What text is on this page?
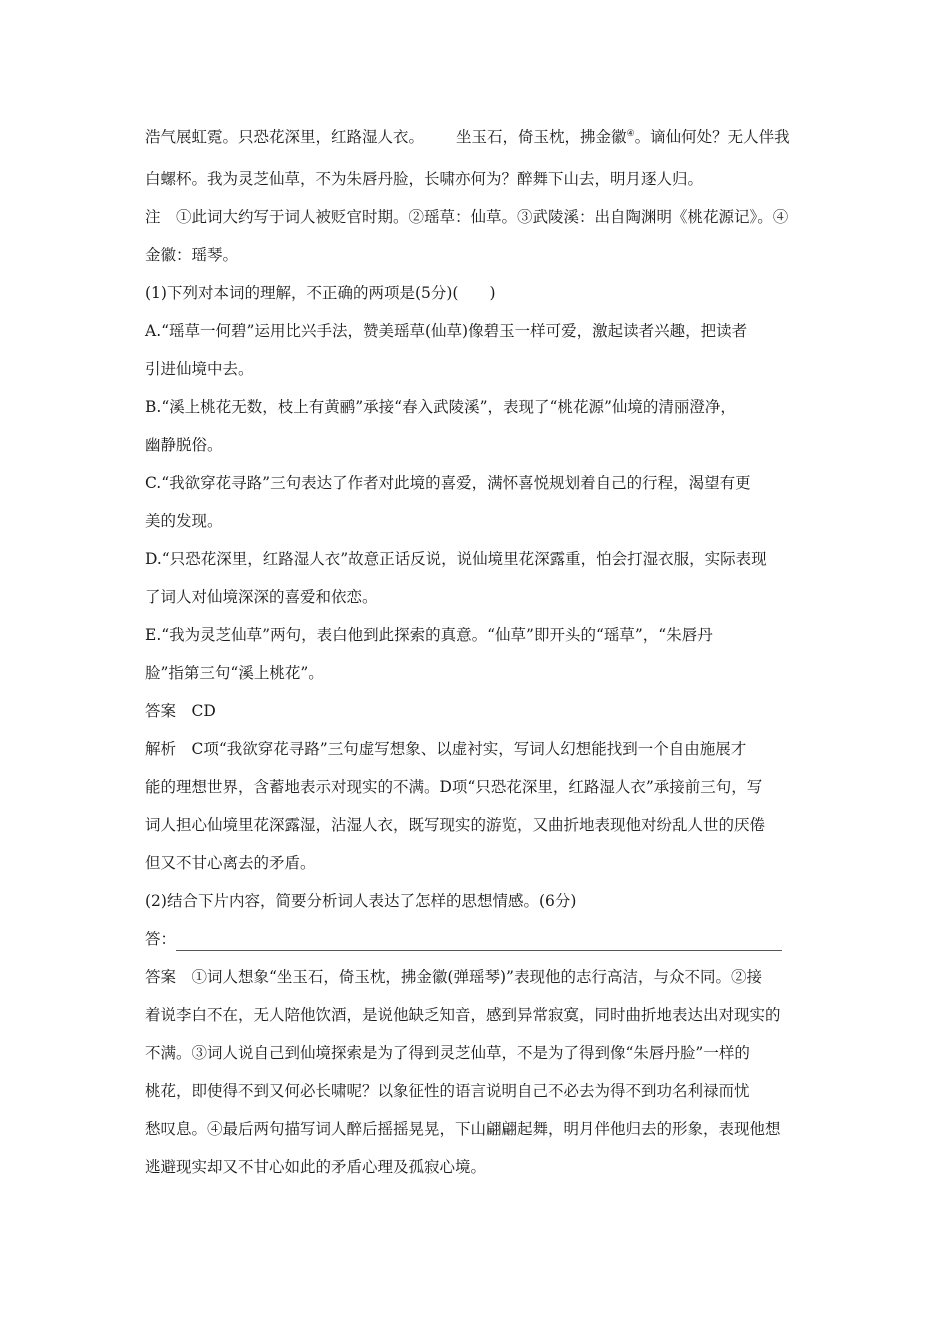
浩气展虹霓。只恐花深里，红路湿人衣。 坐玉石，倚玉枕，拂金徽④。谪仙何处？无人伴我
白螺杯。我为灵芝仙草，不为朱唇丹脸，长啸亦何为？醉舞下山去，明月逐人归。
注　①此词大约写于词人被贬官时期。②瑶草：仙草。③武陵溪：出自陶渊明《桃花源记》。④
金徽：瑶琴。
(1)下列对本词的理解，不正确的两项是(5分)(　　)
A.“瑶草一何碧”运用比兴手法，赞美瑶草(仙草)像碧玉一样可爱，激起读者兴趣，把读者
引进仙境中去。
B.“溪上桃花无数，枝上有黄鹂”承接“春入武陵溪”，表现了“桃花源”仙境的清丽澄净，
幽静脱俗。
C.“我欲穿花寻路”三句表达了作者对此境的喜爱，满怀喜悦规划着自己的行程，渴望有更
美的发现。
D.“只恐花深里，红路湿人衣”故意正话反说，说仙境里花深露重，怕会打湿衣服，实际表现
了词人对仙境深深的喜爱和依恋。
E.“我为灵芝仙草”两句，表白他到此探索的真意。“仙草”即开头的“瑶草”，“朱唇丹
脸”指第三句“溪上桃花”。
答案　CD
解析　C项“我欲穿花寻路”三句虚写想象、以虚衬实，写词人幻想能找到一个自由施展才
能的理想世界，含蓄地表示对现实的不满。D项“只恐花深里，红路湿人衣”承接前三句，写
词人担心仙境里花深露湿，沾湿人衣，既写现实的游览，又曲折地表现他对纷乱人世的厌倦
但又不甘心离去的矛盾。
(2)结合下片内容，简要分析词人表达了怎样的思想情感。(6分)
答：
答案　①词人想象“坐玉石，倚玉枕，拂金徽(弹瑶琴)”表现他的志行高洁，与众不同。②接
着说李白不在，无人陪他饮酒，是说他缺乏知音，感到异常寂寞，同时曲折地表达出对现实的
不满。③词人说自己到仙境探索是为了得到灵芝仙草，不是为了得到像“朱唇丹脸”一样的
桃花，即使得不到又何必长啸呢？以象征性的语言说明自己不必去为得不到功名利禄而忧
愁叹息。④最后两句描写词人醉后摇摇晃晃，下山翩翩起舞，明月伴他归去的形象，表现他想
逃避现实却又不甘心如此的矛盾心理及孤寂心境。
